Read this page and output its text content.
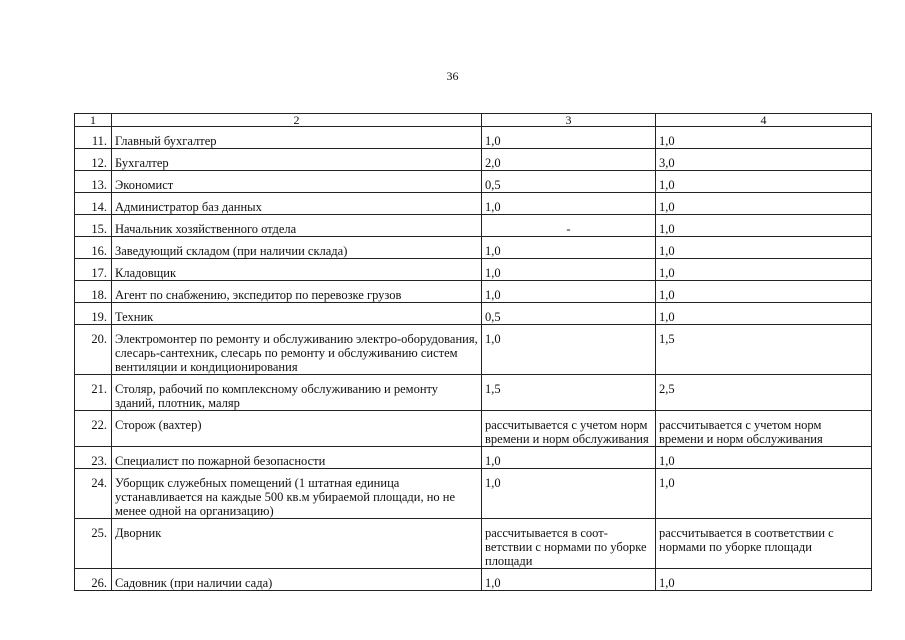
36
1	2	3	4
11.	Главный бухгалтер	1,0	1,0
12.	Бухгалтер	2,0	3,0
13.	Экономист	0,5	1,0
14.	Администратор баз данных	1,0	1,0
15.	Начальник хозяйственного отдела	-	1,0
16.	Заведующий складом (при наличии склада)	1,0	1,0
17.	Кладовщик	1,0	1,0
18.	Агент по снабжению, экспедитор по перевозке грузов	1,0	1,0
19.	Техник	0,5	1,0
20.	Электромонтер по ремонту и обслуживанию электро-оборудования, слесарь-сантехник, слесарь по ремонту и обслуживанию систем вентиляции и кондиционирования	1,0	1,5
21.	Столяр, рабочий по комплексному обслуживанию и ремонту зданий, плотник, маляр	1,5	2,5
22.	Сторож (вахтер)	рассчитывается с учетом норм времени и норм обслуживания	рассчитывается с учетом норм времени и норм обслуживания
23.	Специалист по пожарной безопасности	1,0	1,0
24.	Уборщик служебных помещений (1 штатная единица устанавливается на каждые 500 кв.м убираемой площади, но не менее одной на организацию)	1,0	1,0
25.	Дворник	рассчитывается в соот-ветствии с нормами по уборке площади	рассчитывается в соответствии с нормами по уборке площади
26.	Садовник (при наличии сада)	1,0	1,0
